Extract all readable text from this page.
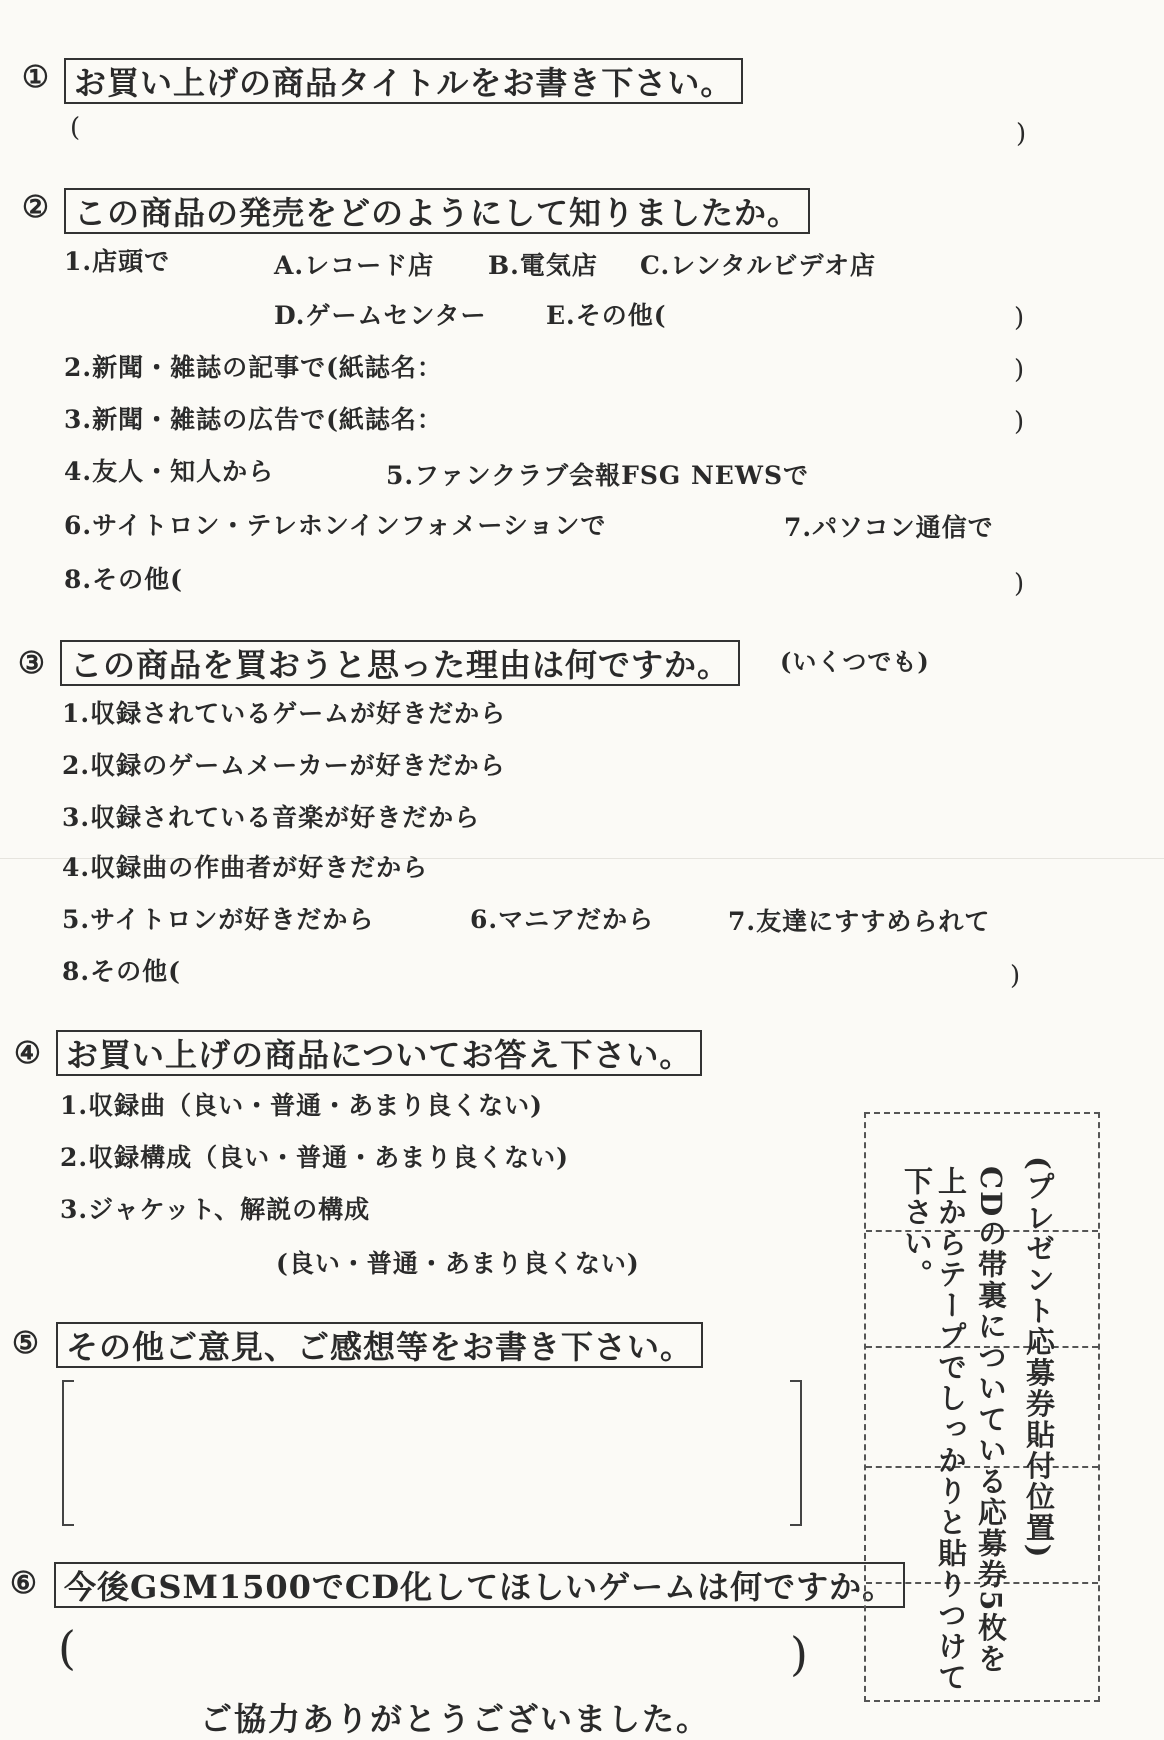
① お買い上げの商品タイトルをお書き下さい。
(	)
② この商品の発売をどのようにして知りましたか。
1.店頭で	A.レコード店 B.電気店 C.レンタルビデオ店
D.ゲームセンター E.その他(	)
2.新聞・雑誌の記事で(紙誌名：	)
3.新聞・雑誌の広告で(紙誌名：	)
4.友人・知人から	5.ファンクラブ会報FSG NEWSで
6.サイトロン・テレホンインフォメーションで	7.パソコン通信で
8.その他(	)
③ この商品を買おうと思った理由は何ですか。	(いくつでも)
1.収録されているゲームが好きだから
2.収録のゲームメーカーが好きだから
3.収録されている音楽が好きだから
4.収録曲の作曲者が好きだから
5.サイトロンが好きだから	6.マニアだから	7.友達にすすめられて
8.その他(	)
④ お買い上げの商品についてお答え下さい。
1.収録曲（良い・普通・あまり良くない)
2.収録構成（良い・普通・あまり良くない)
3.ジャケット、解説の構成
(良い・普通・あまり良くない)
⑤ その他ご意見、ご感想等をお書き下さい。
⑥ 今後GSM1500でCD化してほしいゲームは何ですか。
(	)
(プレゼント応募券貼付位置)
CDの帯裏についている応募券5枚を
上からテープでしっかりと貼りつけて下さい。
ご協力ありがとうございました。
